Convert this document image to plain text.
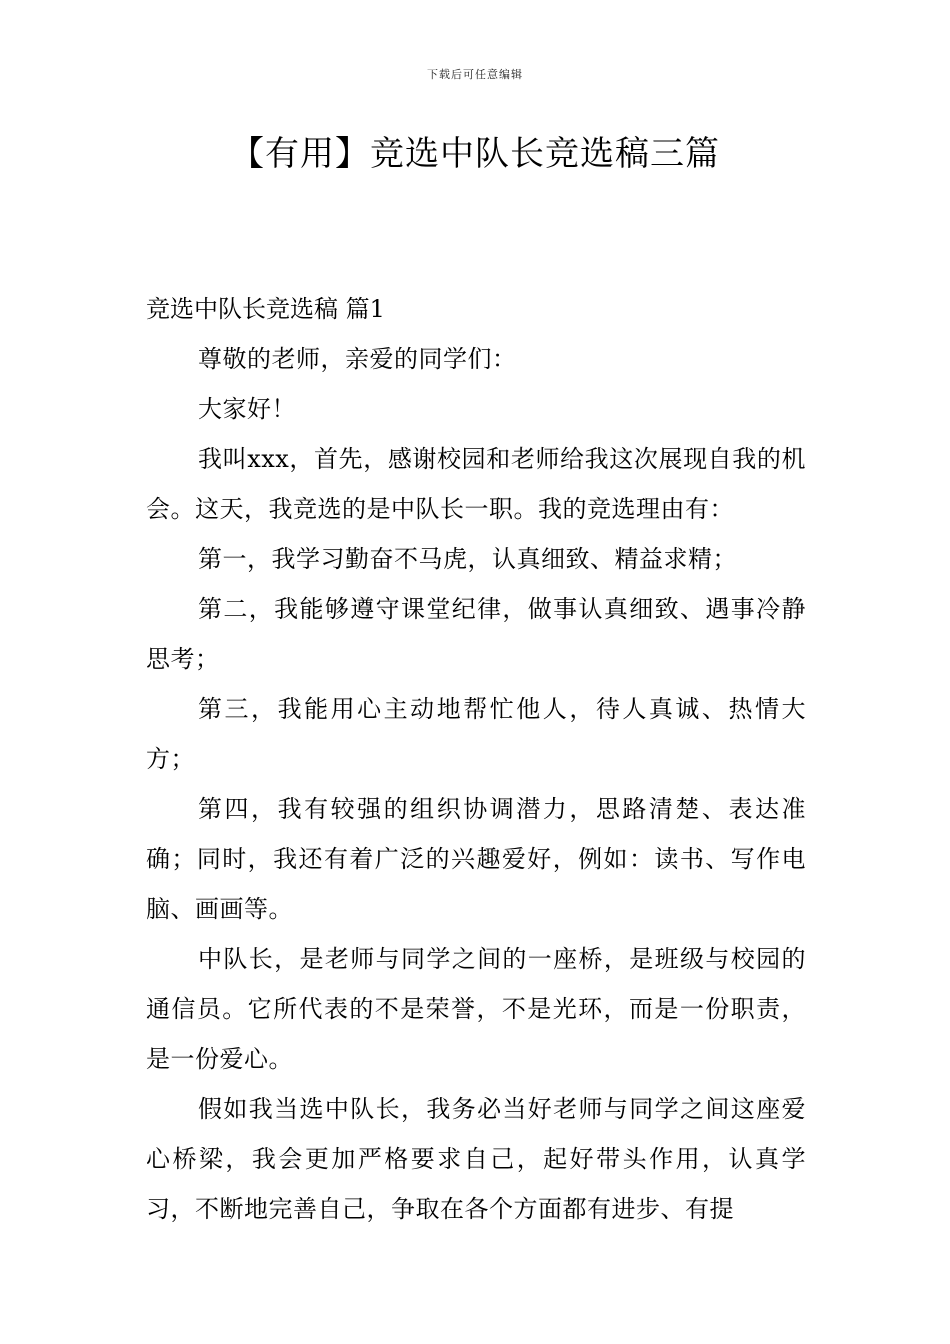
下载后可任意编辑
【有用】竞选中队长竞选稿三篇
竞选中队长竞选稿 篇1

尊敬的老师，亲爱的同学们：

大家好！

我叫xxx，首先，感谢校园和老师给我这次展现自我的机会。这天，我竞选的是中队长一职。我的竞选理由有：

第一，我学习勤奋不马虎，认真细致、精益求精；

第二，我能够遵守课堂纪律，做事认真细致、遇事冷静思考；

第三，我能用心主动地帮忙他人，待人真诚、热情大方；

第四，我有较强的组织协调潜力，思路清楚、表达准确；同时，我还有着广泛的兴趣爱好，例如：读书、写作电脑、画画等。

中队长，是老师与同学之间的一座桥，是班级与校园的通信员。它所代表的不是荣誉，不是光环，而是一份职责，是一份爱心。

假如我当选中队长，我务必当好老师与同学之间这座爱心桥梁，我会更加严格要求自己，起好带头作用，认真学习，不断地完善自己，争取在各个方面都有进步、有提
